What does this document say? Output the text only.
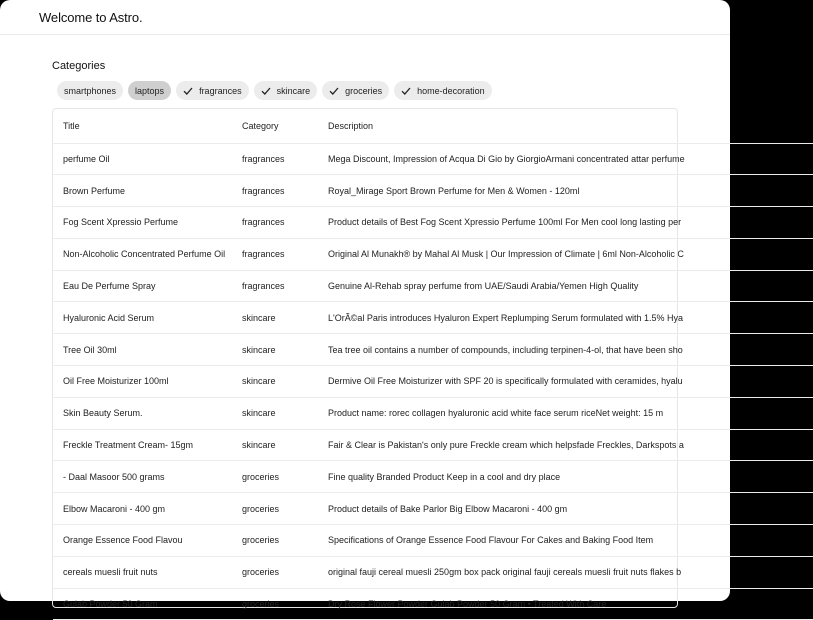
Welcome to Astro.
Categories
smartphones laptops	fragrances	skincare	groceries	home-decoration
Title	Category	Description
perfume Oil	fragrances	Mega Discount, Impression of Acqua Di Gio by GiorgioArmani concentrated attar perfume
Brown Perfume	fragrances	Royal_Mirage Sport Brown Perfume for Men & Women - 120ml
Fog Scent Xpressio Perfume	fragrances	Product details of Best Fog Scent Xpressio Perfume 100ml For Men cool long lasting per
Non-Alcoholic Concentrated Perfume Oil	fragrances	Original Al Munakh® by Mahal Al Musk | Our Impression of Climate | 6ml Non-Alcoholic C
Eau De Perfume Spray	fragrances	Genuine Al-Rehab spray perfume from UAE/Saudi Arabia/Yemen High Quality
Hyaluronic Acid Serum	skincare	L'OrÃ©al Paris introduces Hyaluron Expert Replumping Serum formulated with 1.5% Hya
Tree Oil 30ml	skincare	Tea tree oil contains a number of compounds, including terpinen-4-ol, that have been sho
Oil Free Moisturizer 100ml	skincare	Dermive Oil Free Moisturizer with SPF 20 is specifically formulated with ceramides, hyalu
Skin Beauty Serum.	skincare	Product name: rorec collagen hyaluronic acid white face serum riceNet weight: 15 m
Freckle Treatment Cream- 15gm	skincare	Fair & Clear is Pakistan's only pure Freckle cream which helpsfade Freckles, Darkspots a
- Daal Masoor 500 grams	groceries	Fine quality Branded Product Keep in a cool and dry place
Elbow Macaroni - 400 gm	groceries	Product details of Bake Parlor Big Elbow Macaroni - 400 gm
Orange Essence Food Flavou	groceries	Specifications of Orange Essence Food Flavour For Cakes and Baking Food Item
cereals muesli fruit nuts	groceries	original fauji cereal muesli 250gm box pack original fauji cereals muesli fruit nuts flakes b
Gulab Powder 50 Gram	groceries	Dry Rose Flower Powder Gulab Powder 50 Gram • Treated With Care
